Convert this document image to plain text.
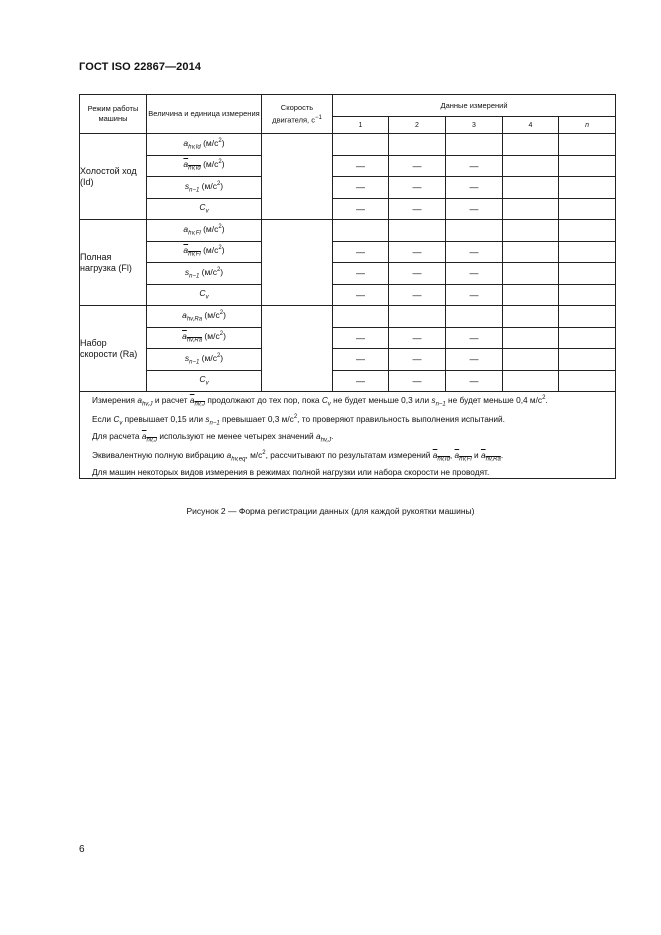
ГОСТ ISO 22867—2014
Режим работы машины	Величина и единица измерения	Скорость двигателя, $с^{-1}$	Данные измерений				
			1	2	3	4	n
Холостой ход (Id)	$a_{hv,Id}$ $(м/с^2)$						
	$a_{hv,Id}$ $(м/с^2)$		—	—	—		
	$s_{n-1}$ $(м/с^2)$		—	—	—		
	$C_v$		—	—	—		
Полная нагрузка (Fl)	$a_{hv,Fl}$ $(м/с^2)$						
	$a_{hv,Fl}$ $(м/с^2)$		—	—	—		
	$s_{n-1}$ $(м/с^2)$		—	—	—		
	$C_v$		—	—	—		
Набор скорости (Ra)	$a_{hv,Ra}$ $(м/с^2)$						
	$a_{hv,Ra}$ $(м/с^2)$		—	—	—		
	$s_{n-1}$ $(м/с^2)$		—	—	—		
	$C_v$		—	—	—		

Измерения $a_{hv,J}$ и расчет $a_{hv,J}$ продолжают до тех пор, пока $C_v$ не будет меньше 0,3 или $s_{n-1}$ не будет меньше 0,4 $м/с^2$.

Если $C_v$ превышает 0,15 или $s_{n-1}$ превышает 0,3 $м/с^2$, то проверяют правильность выполнения испытаний.

Для расчета $a_{hv,J}$ используют не менее четырех значений $a_{hv,J}$.

Эквивалентную полную вибрацию $a_{hv,eq}$, $м/с^2$, рассчитывают по результатам измерений $a_{hv,Id}$, $a_{hv,Fl}$ и $a_{hv,Ra}$.

Для машин некоторых видов измерения в режимах полной нагрузки или набора скорости не проводят.							

Рисунок 2 — Форма регистрации данных (для каждой рукоятки машины)
6
